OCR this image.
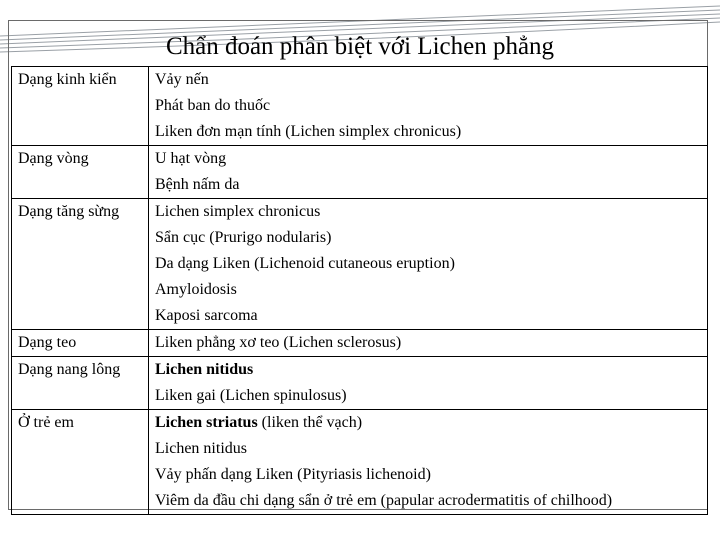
Chẩn đoán phân biệt với Lichen phẳng
Dạng kinh kiển	Vảy nến
Phát ban do thuốc
Liken đơn mạn tính (Lichen simplex chronicus)

Dạng vòng	U hạt vòng
Bệnh nấm da

Dạng tăng sừng	Lichen simplex chronicus
Sẩn cục (Prurigo nodularis)
Da dạng Liken (Lichenoid cutaneous eruption)
Amyloidosis
Kaposi sarcoma

Dạng teo	Liken phẳng xơ teo (Lichen sclerosus)

Dạng nang lông	Lichen nitidus
Liken gai (Lichen spinulosus)

Ở trẻ em	Lichen striatus (liken thể vạch)
Lichen nitidus
Vảy phấn dạng Liken (Pityriasis lichenoid)
Viêm da đầu chi dạng sẩn ở trẻ em (papular acrodermatitis of chilhood)
